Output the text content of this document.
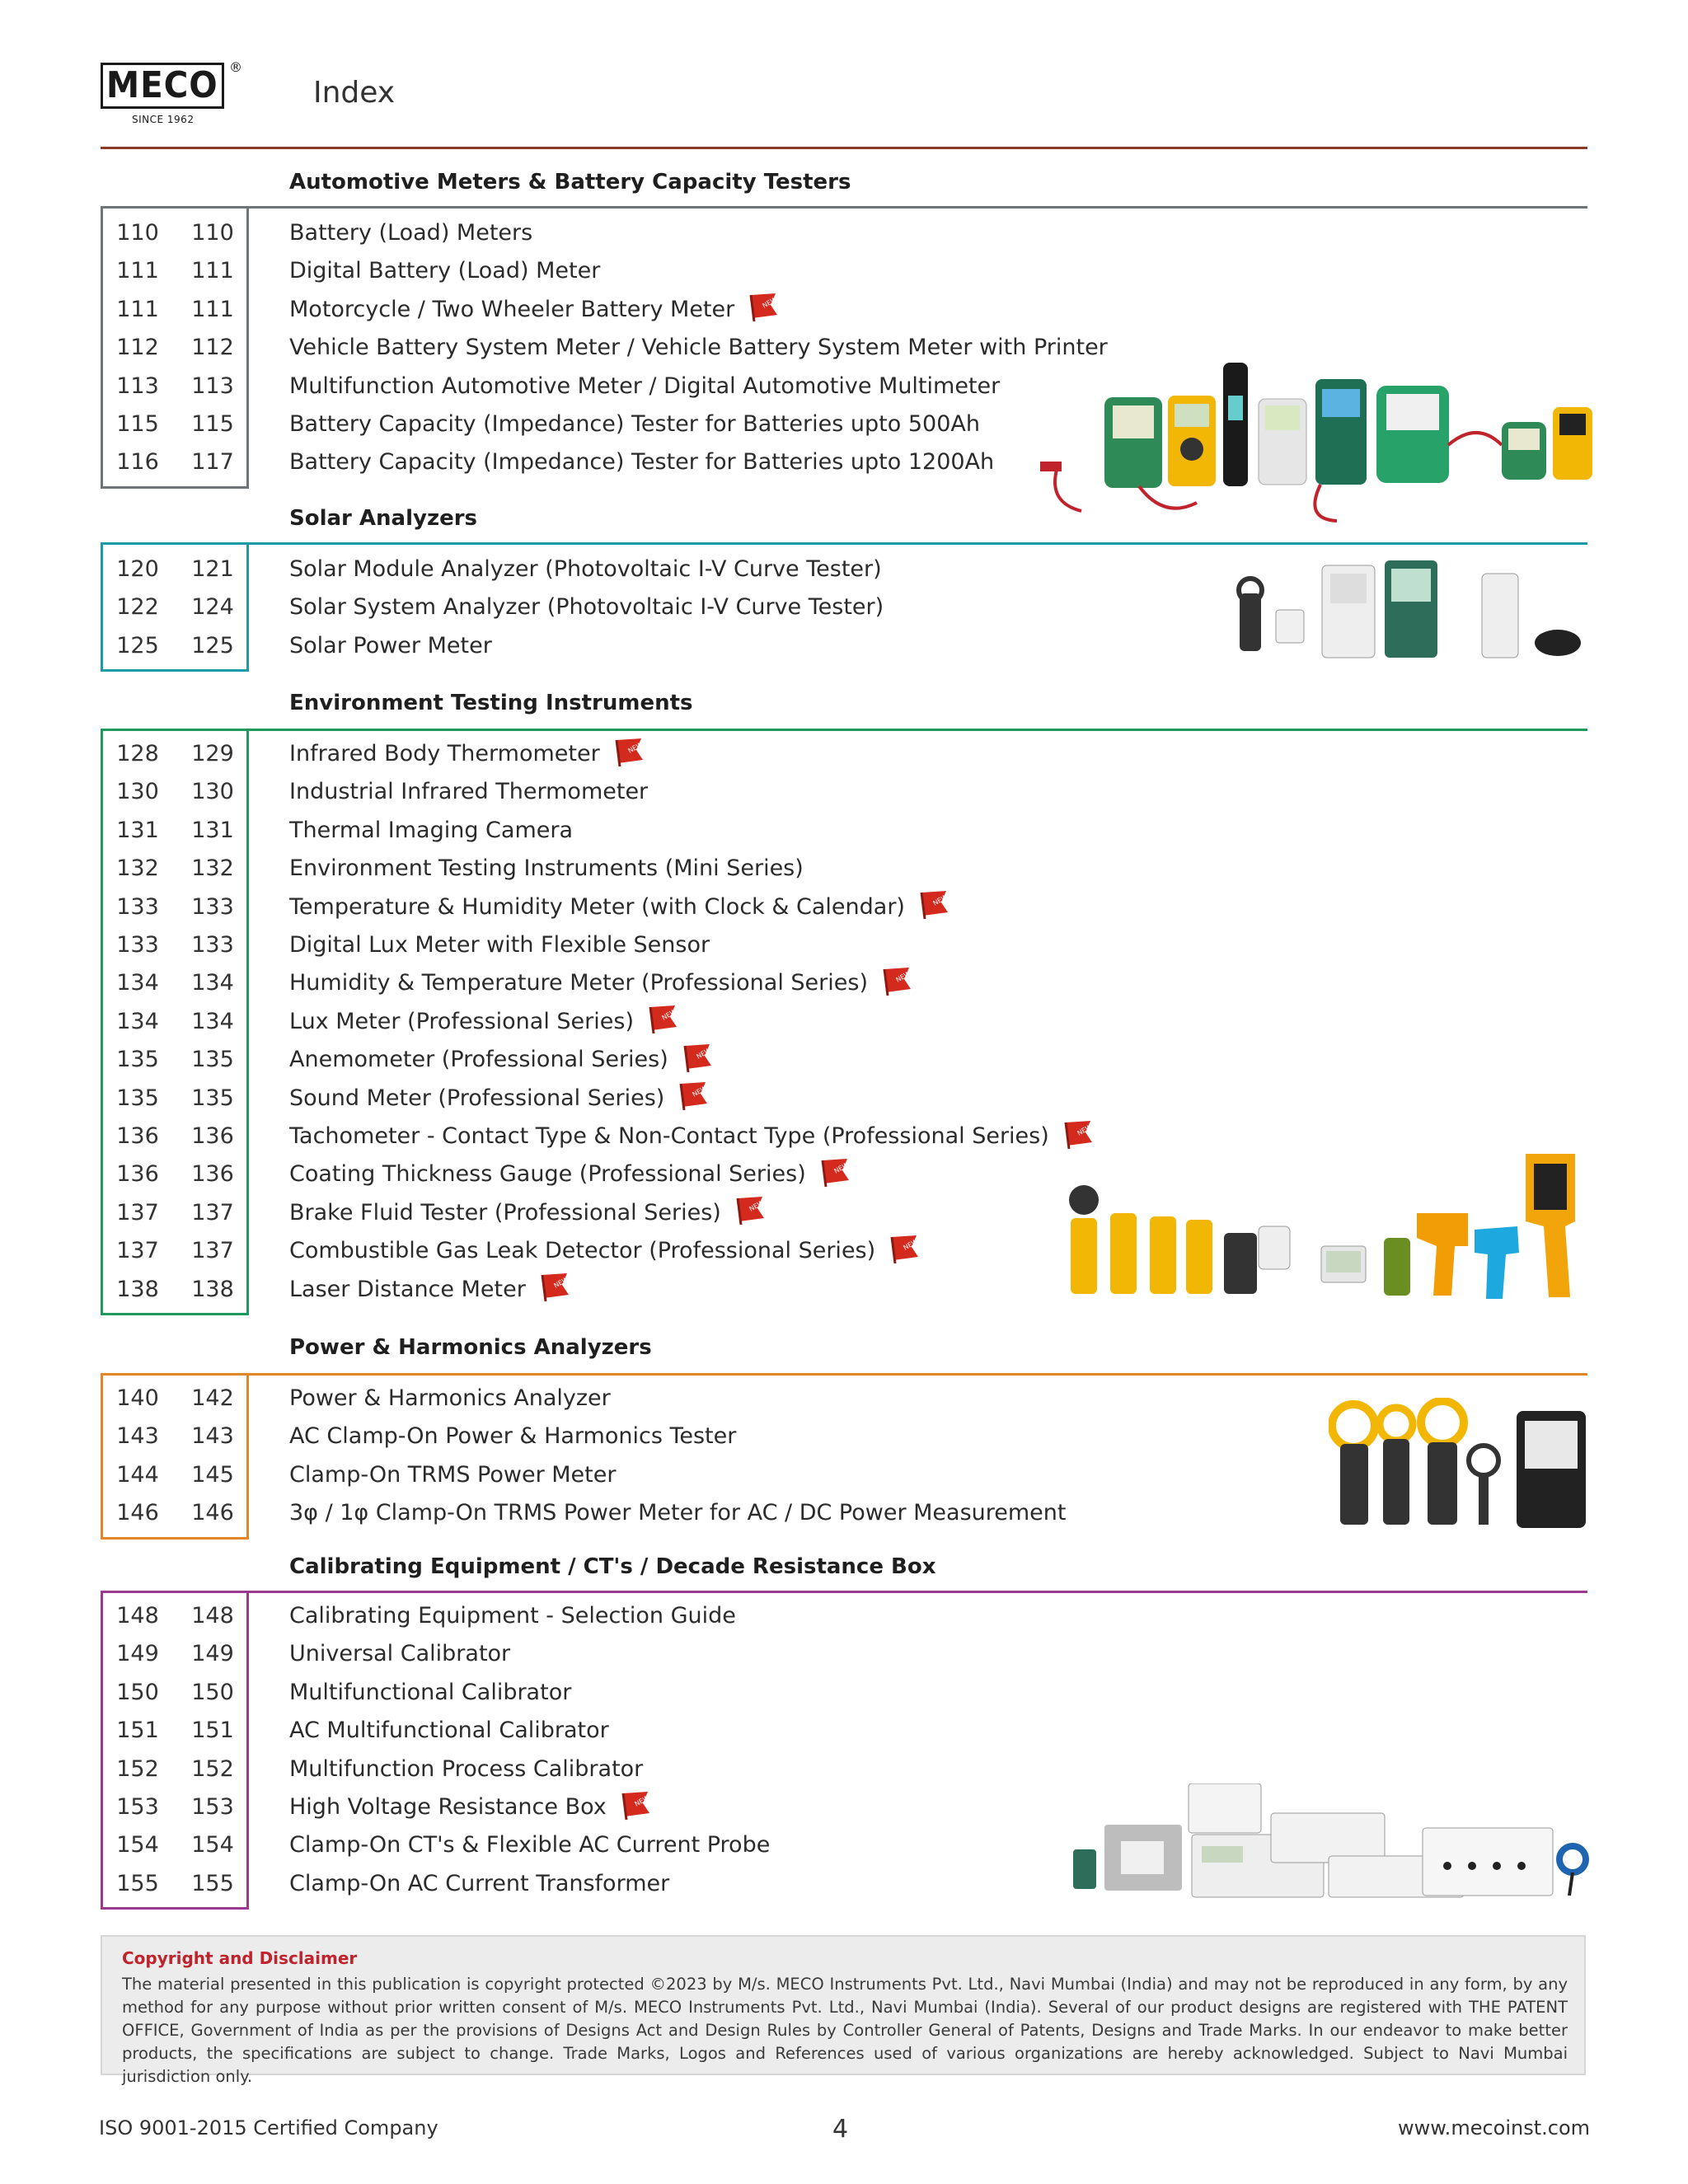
MECO ®
SINCE 1962
Index
Automotive Meters & Battery Capacity Testers
110 110 Battery (Load) Meters
111 111 Digital Battery (Load) Meter
111 111 Motorcycle / Two Wheeler Battery Meter	NEW
112 112 Vehicle Battery System Meter / Vehicle Battery System Meter with Printer
113 113 Multifunction Automotive Meter / Digital Automotive Multimeter
115 115 Battery Capacity (Impedance) Tester for Batteries upto 500Ah
116 117 Battery Capacity (Impedance) Tester for Batteries upto 1200Ah
Solar Analyzers
120 121 Solar Module Analyzer (Photovoltaic I-V Curve Tester)
122 124 Solar System Analyzer (Photovoltaic I-V Curve Tester)
125 125 Solar Power Meter
Environment Testing Instruments
128 129 Infrared Body Thermometer	NEW
130 130 Industrial Infrared Thermometer
131 131 Thermal Imaging Camera
132 132 Environment Testing Instruments (Mini Series)
133 133 Temperature & Humidity Meter (with Clock & Calendar)	NEW
133 133 Digital Lux Meter with Flexible Sensor
134 134 Humidity & Temperature Meter (Professional Series)	NEW
134 134 Lux Meter (Professional Series)	NEW
135 135 Anemometer (Professional Series)	NEW
135 135 Sound Meter (Professional Series)	NEW
136 136 Tachometer - Contact Type & Non-Contact Type (Professional Series)	NEW
136 136 Coating Thickness Gauge (Professional Series)	NEW
137 137 Brake Fluid Tester (Professional Series)	NEW
137 137 Combustible Gas Leak Detector (Professional Series)	NEW
138 138 Laser Distance Meter	NEW
Power & Harmonics Analyzers
140 142 Power & Harmonics Analyzer
143 143 AC Clamp-On Power & Harmonics Tester
144 145 Clamp-On TRMS Power Meter
146 146 3φ / 1φ Clamp-On TRMS Power Meter for AC / DC Power Measurement
Calibrating Equipment / CT's / Decade Resistance Box
148 148 Calibrating Equipment - Selection Guide
149 149 Universal Calibrator
150 150 Multifunctional Calibrator
151 151 AC Multifunctional Calibrator
152 152 Multifunction Process Calibrator
153 153 High Voltage Resistance Box	NEW
154 154 Clamp-On CT's & Flexible AC Current Probe
155 155 Clamp-On AC Current Transformer
Copyright and Disclaimer
The material presented in this publication is copyright protected ©2023 by M/s. MECO Instruments Pvt. Ltd., Navi Mumbai (India) and may not be reproduced in any form, by any method for any purpose without prior written consent of M/s. MECO Instruments Pvt. Ltd., Navi Mumbai (India). Several of our product designs are registered with THE PATENT OFFICE, Government of India as per the provisions of Designs Act and Design Rules by Controller General of Patents, Designs and Trade Marks. In our endeavor to make better products, the specifications are subject to change. Trade Marks, Logos and References used of various organizations are hereby acknowledged. Subject to Navi Mumbai jurisdiction only.
ISO 9001-2015 Certified Company	4	www.mecoinst.com
